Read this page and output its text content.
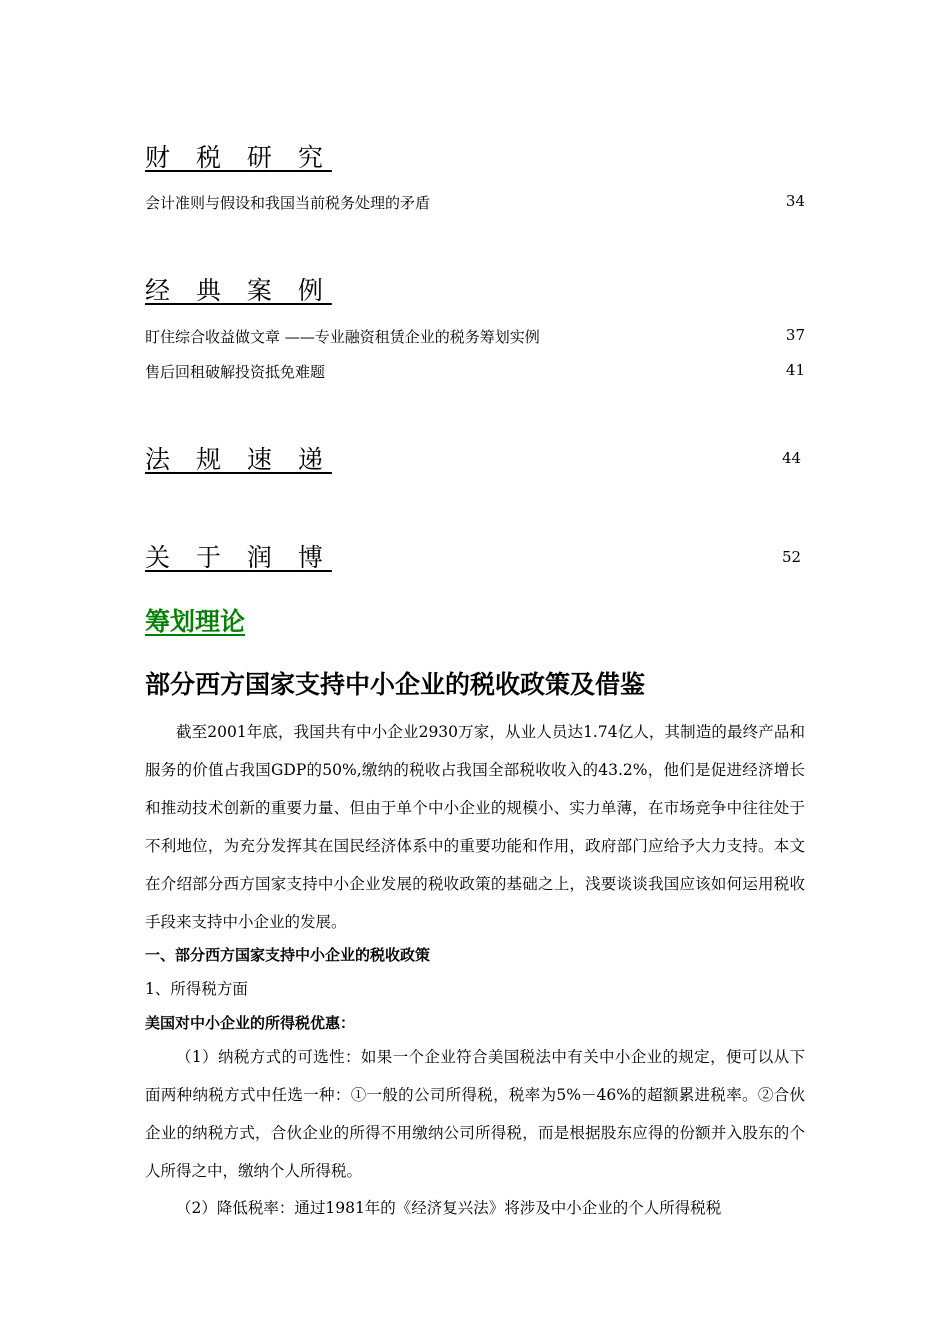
财 税 研 究
会计准则与假设和我国当前税务处理的矛盾	34
经 典 案 例
盯住综合收益做文章 ——专业融资租赁企业的税务筹划实例	37
售后回租破解投资抵免难题	41
法 规 速 递	44
关 于 润 博	52
筹划理论
部分西方国家支持中小企业的税收政策及借鉴
截至2001年底，我国共有中小企业2930万家，从业人员达1.74亿人，其制造的最终产品和服务的价值占我国GDP的50%,缴纳的税收占我国全部税收收入的43.2%，他们是促进经济增长和推动技术创新的重要力量、但由于单个中小企业的规模小、实力单薄，在市场竞争中往往处于不利地位，为充分发挥其在国民经济体系中的重要功能和作用，政府部门应给予大力支持。本文在介绍部分西方国家支持中小企业发展的税收政策的基础之上，浅要谈谈我国应该如何运用税收手段来支持中小企业的发展。
一、部分西方国家支持中小企业的税收政策
1、所得税方面
美国对中小企业的所得税优惠：
（1）纳税方式的可选性：如果一个企业符合美国税法中有关中小企业的规定，便可以从下面两种纳税方式中任选一种：①一般的公司所得税，税率为5%－46%的超额累进税率。②合伙企业的纳税方式，合伙企业的所得不用缴纳公司所得税，而是根据股东应得的份额并入股东的个人所得之中，缴纳个人所得税。
（2）降低税率：通过1981年的《经济复兴法》将涉及中小企业的个人所得税税
